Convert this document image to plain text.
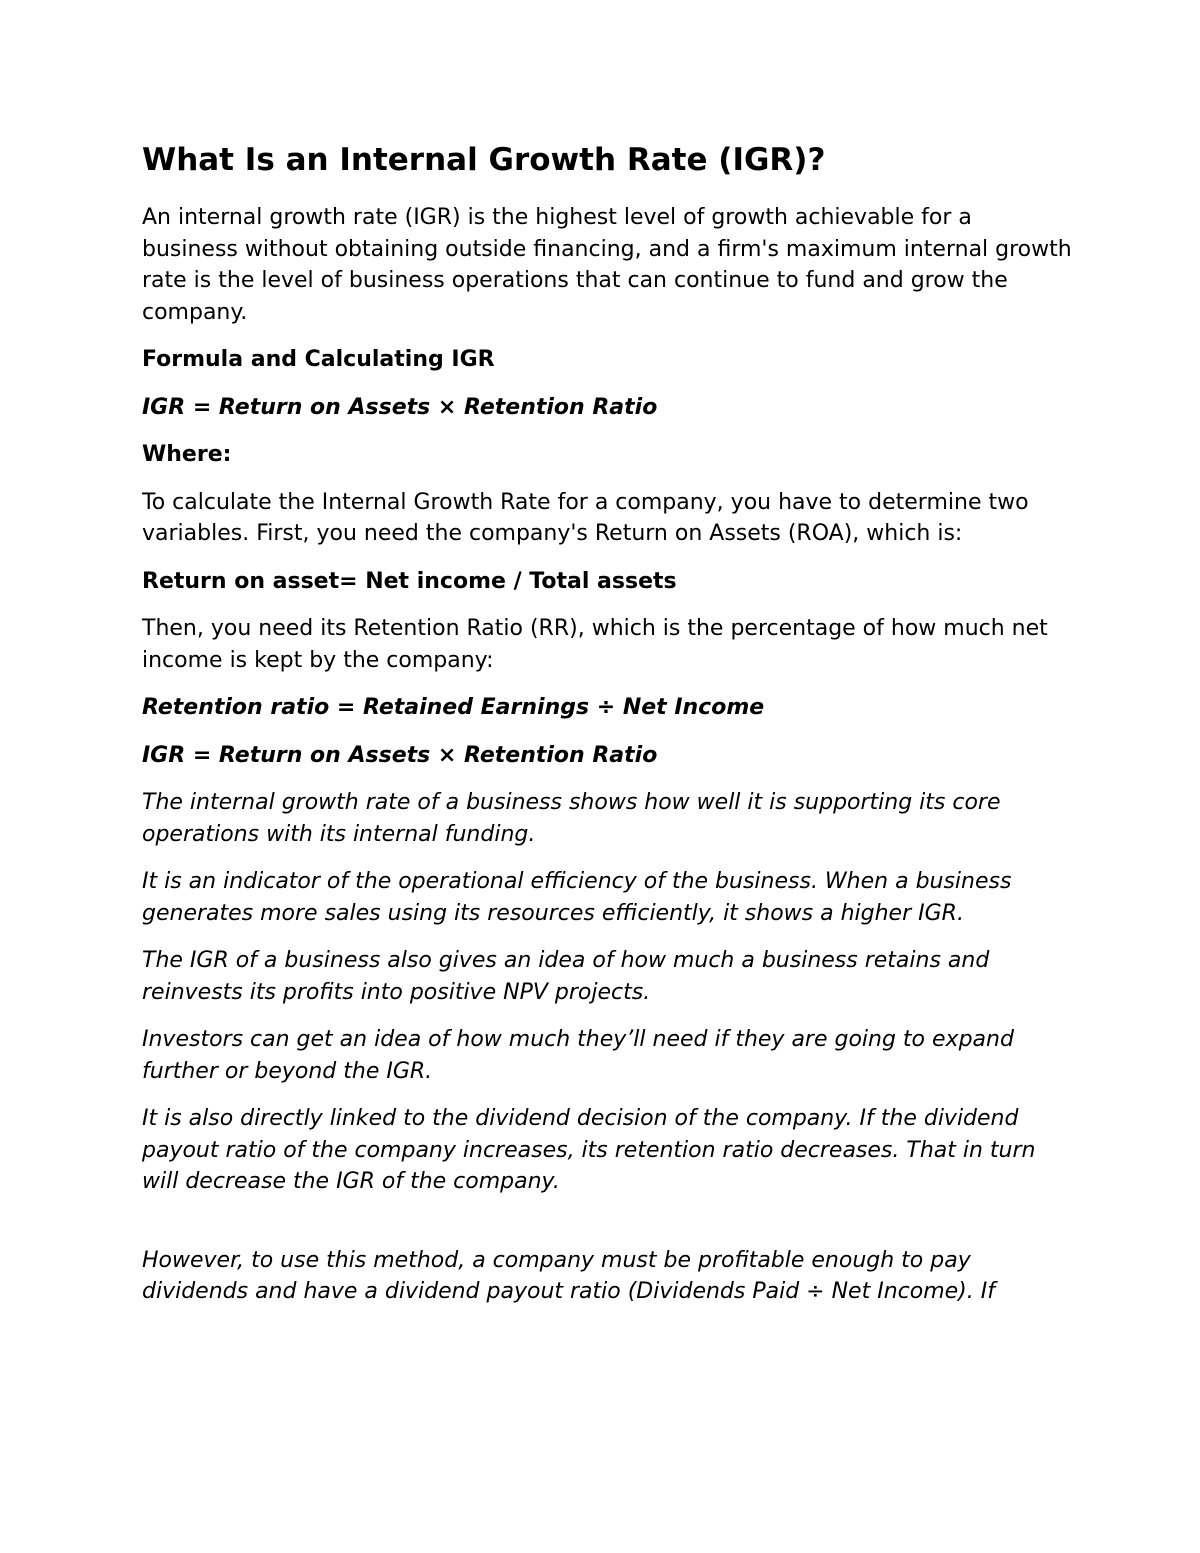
What Is an Internal Growth Rate (IGR)?

An internal growth rate (IGR) is the highest level of growth achievable for a business without obtaining outside financing, and a firm's maximum internal growth rate is the level of business operations that can continue to fund and grow the company.

Formula and Calculating IGR

IGR = Return on Assets × Retention Ratio

Where:

To calculate the Internal Growth Rate for a company, you have to determine two variables. First, you need the company's Return on Assets (ROA), which is:

Return on asset= Net income / Total assets

Then, you need its Retention Ratio (RR), which is the percentage of how much net income is kept by the company:

Retention ratio = Retained Earnings ÷ Net Income

IGR = Return on Assets × Retention Ratio

The internal growth rate of a business shows how well it is supporting its core operations with its internal funding.

It is an indicator of the operational efficiency of the business. When a business generates more sales using its resources efficiently, it shows a higher IGR.

The IGR of a business also gives an idea of how much a business retains and reinvests its profits into positive NPV projects.

Investors can get an idea of how much they’ll need if they are going to expand further or beyond the IGR.

It is also directly linked to the dividend decision of the company. If the dividend payout ratio of the company increases, its retention ratio decreases. That in turn will decrease the IGR of the company.

However, to use this method, a company must be profitable enough to pay dividends and have a dividend payout ratio (Dividends Paid ÷ Net Income). If
